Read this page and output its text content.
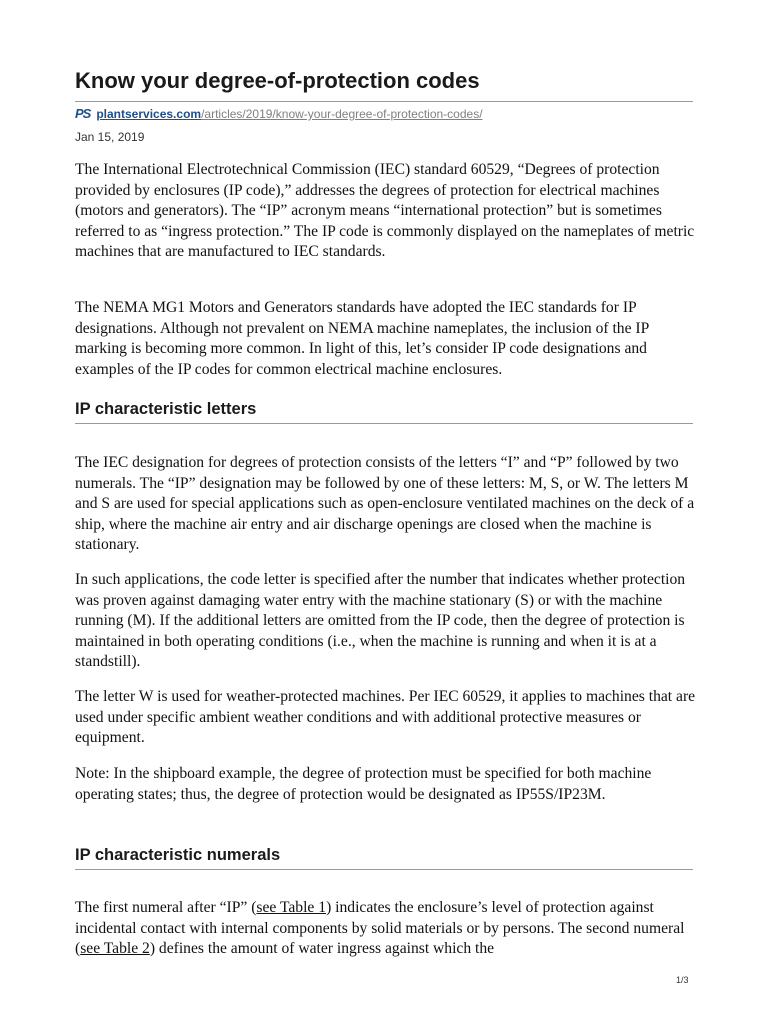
Know your degree-of-protection codes
PS plantservices.com/articles/2019/know-your-degree-of-protection-codes/
Jan 15, 2019

The International Electrotechnical Commission (IEC) standard 60529, “Degrees of protection provided by enclosures (IP code),” addresses the degrees of protection for electrical machines (motors and generators). The “IP” acronym means “international protection” but is sometimes referred to as “ingress protection.” The IP code is commonly displayed on the nameplates of metric machines that are manufactured to IEC standards.

The NEMA MG1 Motors and Generators standards have adopted the IEC standards for IP designations. Although not prevalent on NEMA machine nameplates, the inclusion of the IP marking is becoming more common. In light of this, let’s consider IP code designations and examples of the IP codes for common electrical machine enclosures.

IP characteristic letters

The IEC designation for degrees of protection consists of the letters “I” and “P” followed by two numerals. The “IP” designation may be followed by one of these letters: M, S, or W. The letters M and S are used for special applications such as open-enclosure ventilated machines on the deck of a ship, where the machine air entry and air discharge openings are closed when the machine is stationary.

In such applications, the code letter is specified after the number that indicates whether protection was proven against damaging water entry with the machine stationary (S) or with the machine running (M). If the additional letters are omitted from the IP code, then the degree of protection is maintained in both operating conditions (i.e., when the machine is running and when it is at a standstill).

The letter W is used for weather-protected machines. Per IEC 60529, it applies to machines that are used under specific ambient weather conditions and with additional protective measures or equipment.

Note: In the shipboard example, the degree of protection must be specified for both machine operating states; thus, the degree of protection would be designated as IP55S/IP23M.

IP characteristic numerals

The first numeral after “IP” (see Table 1) indicates the enclosure’s level of protection against incidental contact with internal components by solid materials or by persons. The second numeral (see Table 2) defines the amount of water ingress against which the

1/3
